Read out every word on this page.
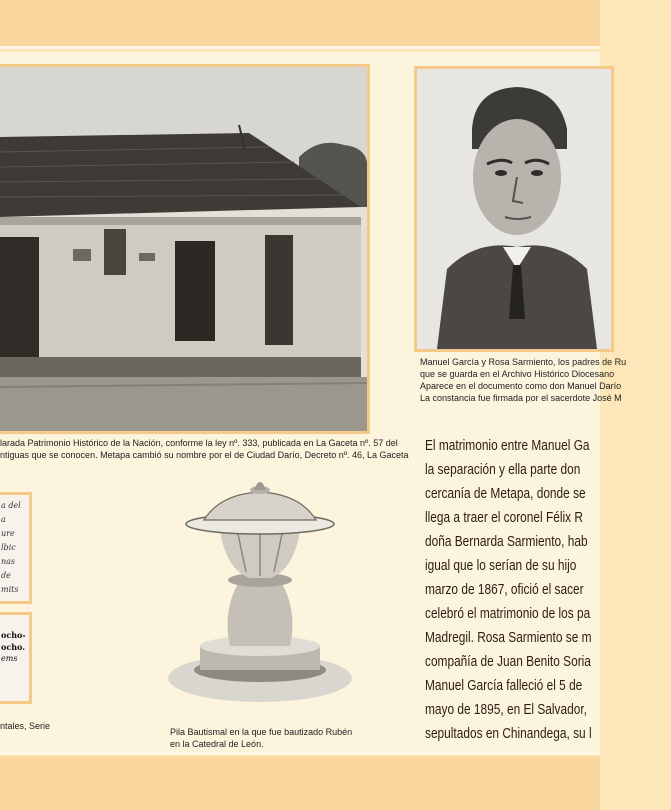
larada Patrimonio Histórico de la Nación, conforme la ley nº. 333, publicada en La Gaceta nº. 57 del
ntiguas que se conocen. Metapa cambió su nombre por el de Ciudad Darío, Decreto nº. 46, La Gaceta
Manuel García y Rosa Sarmiento, los padres de Ru
que se guarda en el Archivo Histórico Diocesano
Aparece en el documento como don Manuel Darío
La constancia fue firmada por el sacerdote José M
a del
a
ure
lbic
nas
de
mits
ocho-
ocho.
ems
ntales, Serie
Pila Bautismal en la que fue bautizado Rubén
en la Catedral de León.
El matrimonio entre Manuel Ga
la separación y ella parte don
cercanía de Metapa, donde se
llega a traer el coronel Félix R
doña Bernarda Sarmiento, hab
igual que lo serían de su hijo
marzo de 1867, ofició el sacer
celebró el matrimonio de los pa
Madregil. Rosa Sarmiento se m
compañía de Juan Benito Soria
Manuel García falleció el 5 de
mayo de 1895, en El Salvador,
sepultados en Chinandega, su l
